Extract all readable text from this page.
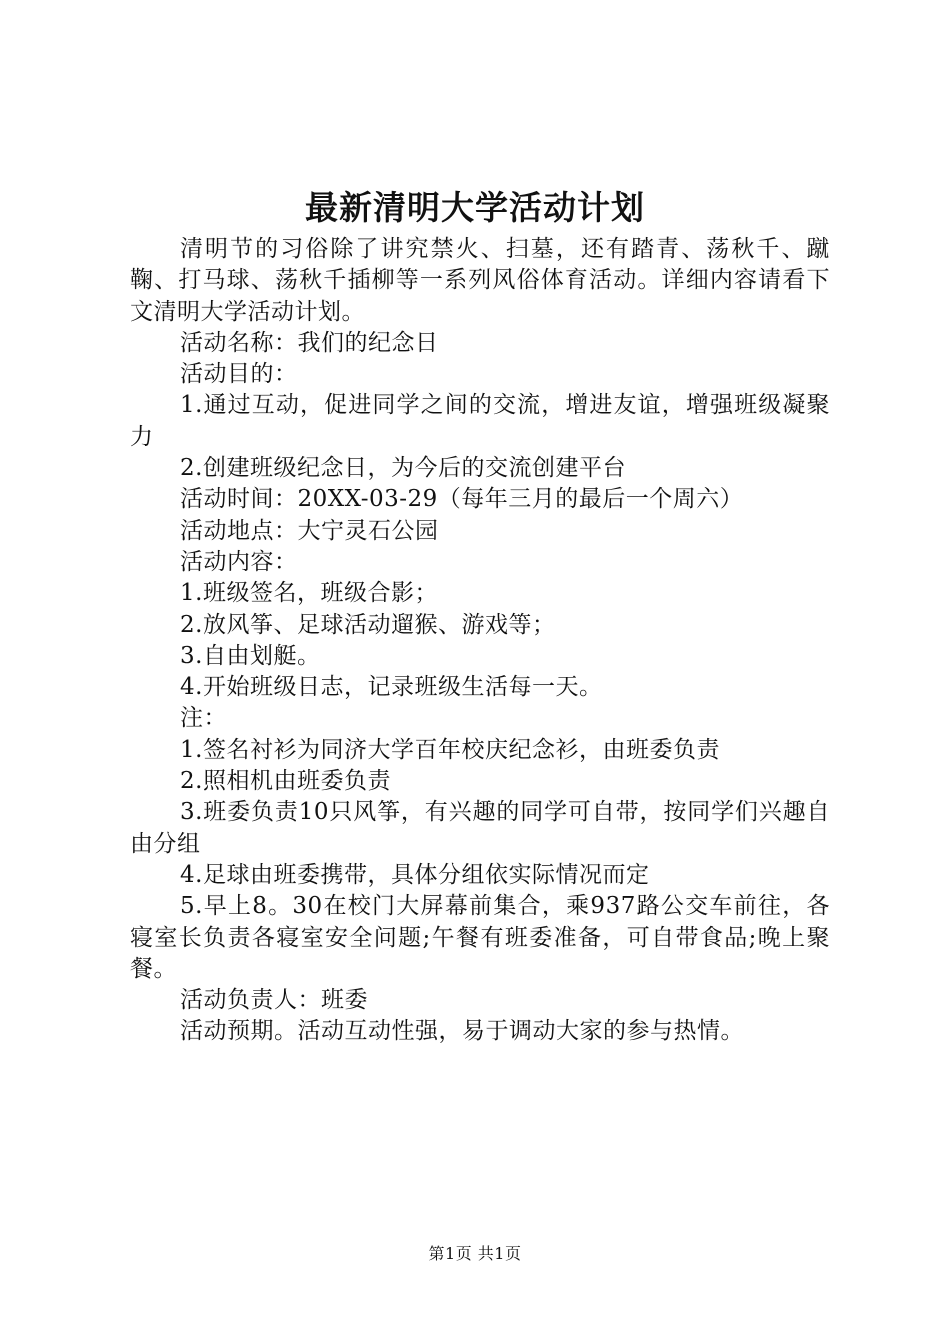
最新清明大学活动计划

清明节的习俗除了讲究禁火、扫墓，还有踏青、荡秋千、蹴鞠、打马球、荡秋千插柳等一系列风俗体育活动。详细内容请看下文清明大学活动计划。

活动名称：我们的纪念日

活动目的：

1.通过互动，促进同学之间的交流，增进友谊，增强班级凝聚力

2.创建班级纪念日，为今后的交流创建平台

活动时间：20XX-03-29（每年三月的最后一个周六）

活动地点：大宁灵石公园

活动内容：

1.班级签名，班级合影；

2.放风筝、足球活动遛猴、游戏等；

3.自由划艇。

4.开始班级日志，记录班级生活每一天。

注：

1.签名衬衫为同济大学百年校庆纪念衫，由班委负责

2.照相机由班委负责

3.班委负责10只风筝，有兴趣的同学可自带，按同学们兴趣自由分组

4.足球由班委携带，具体分组依实际情况而定

5.早上8。30在校门大屏幕前集合，乘937路公交车前往，各寝室长负责各寝室安全问题;午餐有班委准备，可自带食品;晚上聚餐。

活动负责人：班委

活动预期。活动互动性强，易于调动大家的参与热情。

第1页 共1页
